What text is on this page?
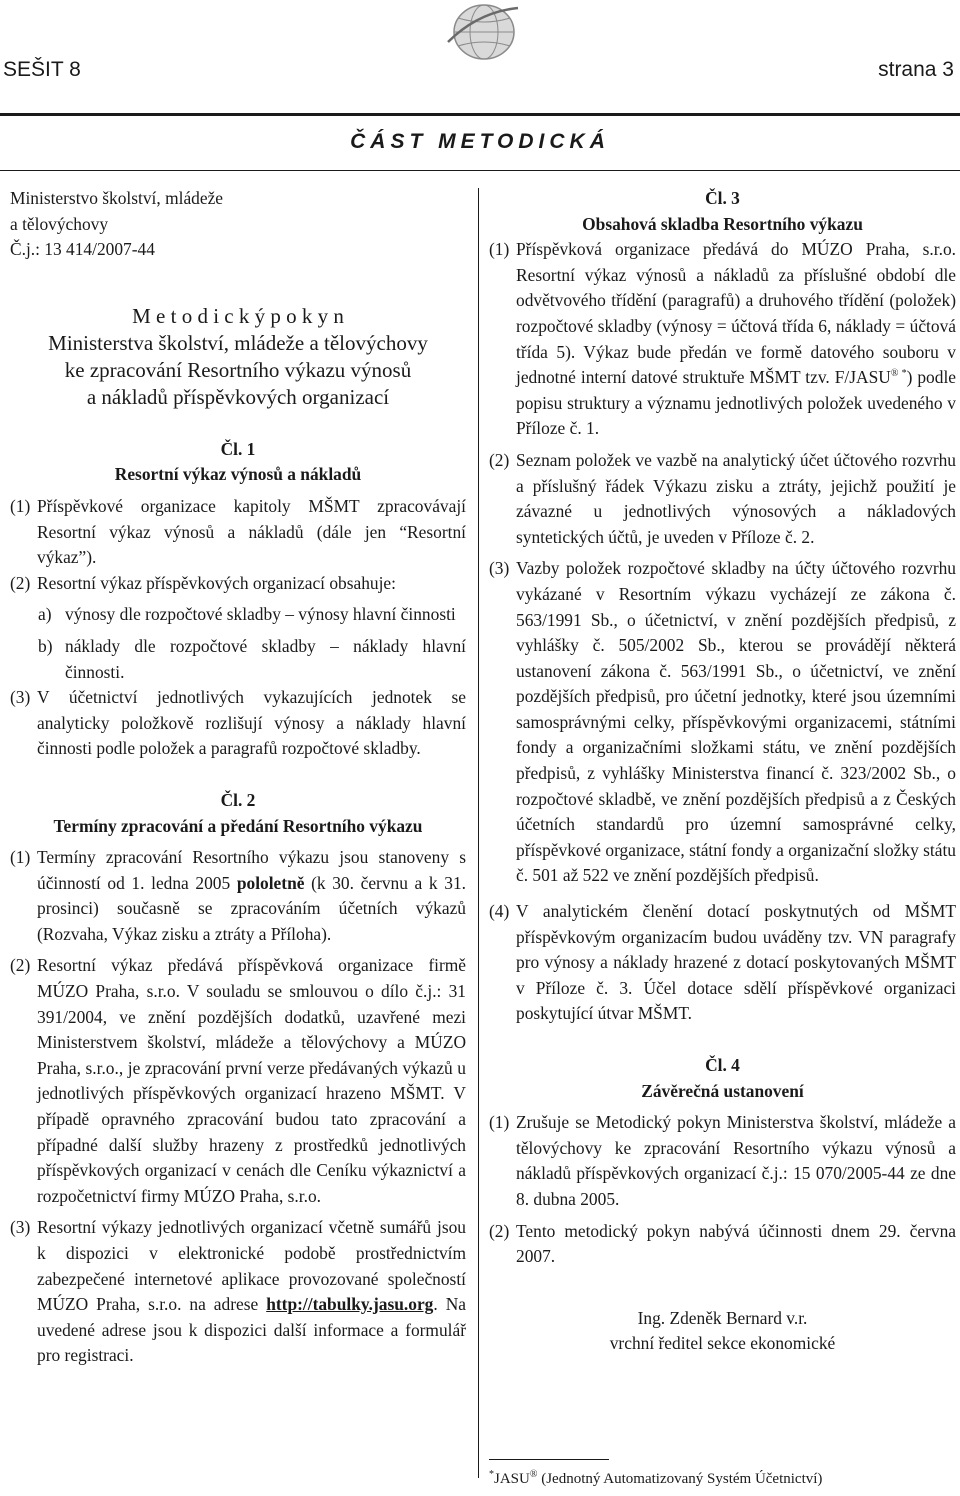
SEŠIT 8	strana 3
ČÁST METODICKÁ

Ministerstvo školství, mládeže

a tělovýchovy

Č.j.: 13 414/2007-44

M e t o d i c k ý p o k y n

Ministerstva školství, mládeže a tělovýchovy

ke zpracování Resortního výkazu výnosů

a nákladů příspěvkových organizací

Čl. 1

Resortní výkaz výnosů a nákladů

(1) Příspěvkové organizace kapitoly MŠMT zpracovávají Resortní výkaz výnosů a nákladů (dále jen “Resortní výkaz”).
(2) Resortní výkaz příspěvkových organizací obsahuje:
a) výnosy dle rozpočtové skladby – výnosy hlavní činnosti
b) náklady dle rozpočtové skladby – náklady hlavní činnosti.
(3) V účetnictví jednotlivých vykazujících jednotek se analyticky položkově rozlišují výnosy a náklady hlavní činnosti podle položek a paragrafů rozpočtové skladby.

Čl. 2

Termíny zpracování a předání Resortního výkazu

(1) Termíny zpracování Resortního výkazu jsou stanoveny s účinností od 1. ledna 2005 pololetně (k 30. červnu a k 31. prosinci) současně se zpracováním účetních výkazů (Rozvaha, Výkaz zisku a ztráty a Příloha).
(2) Resortní výkaz předává příspěvková organizace firmě MÚZO Praha, s.r.o. V souladu se smlouvou o dílo č.j.: 31 391/2004, ve znění pozdějších dodatků, uzavřené mezi Ministerstvem školství, mládeže a tělovýchovy a MÚZO Praha, s.r.o., je zpracování první verze předávaných výkazů u jednotlivých příspěvkových organizací hrazeno MŠMT. V případě opravného zpracování budou tato zpracování a případné další služby hrazeny z prostředků jednotlivých příspěvkových organizací v cenách dle Ceníku výkaznictví a rozpočetnictví firmy MÚZO Praha, s.r.o.
(3) Resortní výkazy jednotlivých organizací včetně sumářů jsou k dispozici v elektronické podobě prostřednictvím zabezpečené internetové aplikace provozované společností MÚZO Praha, s.r.o. na adrese http://tabulky.jasu.org. Na uvedené adrese jsou k dispozici další informace a formulář pro registraci.

Čl. 3

Obsahová skladba Resortního výkazu

(1) Příspěvková organizace předává do MÚZO Praha, s.r.o. Resortní výkaz výnosů a nákladů za příslušné období dle odvětvového třídění (paragrafů) a druhového třídění (položek) rozpočtové skladby (výnosy = účtová třída 6, náklady = účtová třída 5). Výkaz bude předán ve formě datového souboru v jednotné interní datové struktuře MŠMT tzv. F/JASU® *) podle popisu struktury a významu jednotlivých položek uvedeného v Příloze č. 1.
(2) Seznam položek ve vazbě na analytický účet účtového rozvrhu a příslušný řádek Výkazu zisku a ztráty, jejichž použití je závazné u jednotlivých výnosových a nákladových syntetických účtů, je uveden v Příloze č. 2.
(3) Vazby položek rozpočtové skladby na účty účtového rozvrhu vykázané v Resortním výkazu vycházejí ze zákona č. 563/1991 Sb., o účetnictví, v znění pozdějších předpisů, z vyhlášky č. 505/2002 Sb., kterou se provádějí některá ustanovení zákona č. 563/1991 Sb., o účetnictví, ve znění pozdějších předpisů, pro účetní jednotky, které jsou územními samosprávnými celky, příspěvkovými organizacemi, státními fondy a organizačními složkami státu, ve znění pozdějších předpisů, z vyhlášky Ministerstva financí č. 323/2002 Sb., o rozpočtové skladbě, ve znění pozdějších předpisů a z Českých účetních standardů pro územní samosprávné celky, příspěvkové organizace, státní fondy a organizační složky státu č. 501 až 522 ve znění pozdějších předpisů.
(4) V analytickém členění dotací poskytnutých od MŠMT příspěvkovým organizacím budou uváděny tzv. VN paragrafy pro výnosy a náklady hrazené z dotací poskytovaných MŠMT v Příloze č. 3. Účel dotace sdělí příspěvkové organizaci poskytující útvar MŠMT.

Čl. 4

Závěrečná ustanovení

(1) Zrušuje se Metodický pokyn Ministerstva školství, mládeže a tělovýchovy ke zpracování Resortního výkazu výnosů a nákladů příspěvkových organizací č.j.: 15 070/2005-44 ze dne 8. dubna 2005.
(2) Tento metodický pokyn nabývá účinnosti dnem 29. června 2007.

Ing. Zdeněk Bernard v.r.

vrchní ředitel sekce ekonomické

*JASU® (Jednotný Automatizovaný Systém Účetnictví)
